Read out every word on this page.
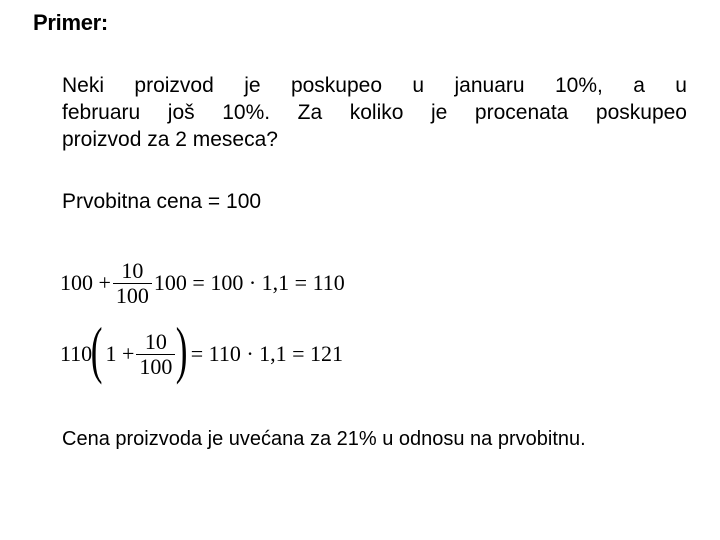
Primer:
Neki proizvod je poskupeo u januaru 10%, a u
februaru još 10%. Za koliko je procenata poskupeo
proizvod za 2 meseca?
Prvobitna cena = 100
$100 + \frac{10}{100} 100 = 100 \cdot 1,1 = 110$
110
( $1 + \frac{10}{100}$ ) = 110 · 1,1 = 121
Cena proizvoda je uvećana za 21% u odnosu na prvobitnu.
